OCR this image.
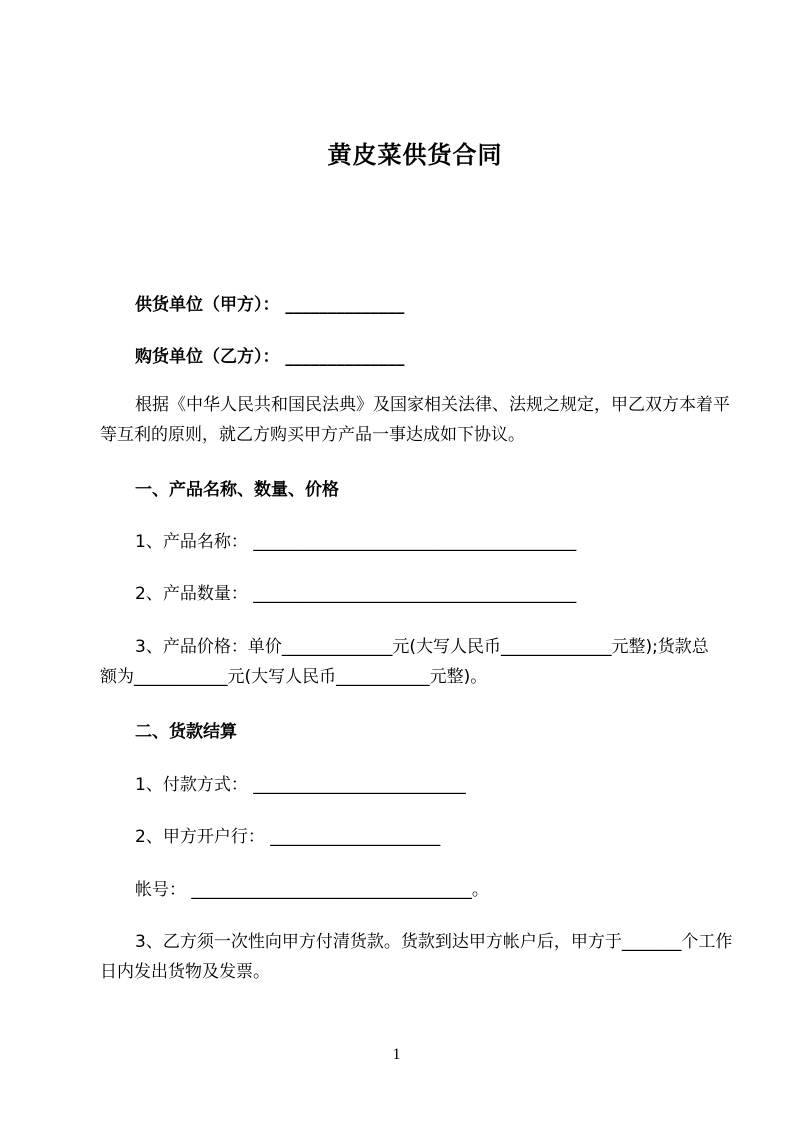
黄皮菜供货合同
供货单位（甲方）： ______________
购货单位（乙方）： ______________
根据《中华人民共和国民法典》及国家相关法律、法规之规定，甲乙双方本着平
等互利的原则，就乙方购买甲方产品一事达成如下协议。
一、产品名称、数量、价格
1、产品名称： ______________________________________
2、产品数量： ______________________________________
3、产品价格：单价_____________元(大写人民币_____________元整);货款总
额为___________元(大写人民币___________元整)。
二、货款结算
1、付款方式： _________________________
2、甲方开户行： ____________________
帐号： _________________________________。
3、乙方须一次性向甲方付清货款。货款到达甲方帐户后，甲方于_______个工作
日内发出货物及发票。
1
